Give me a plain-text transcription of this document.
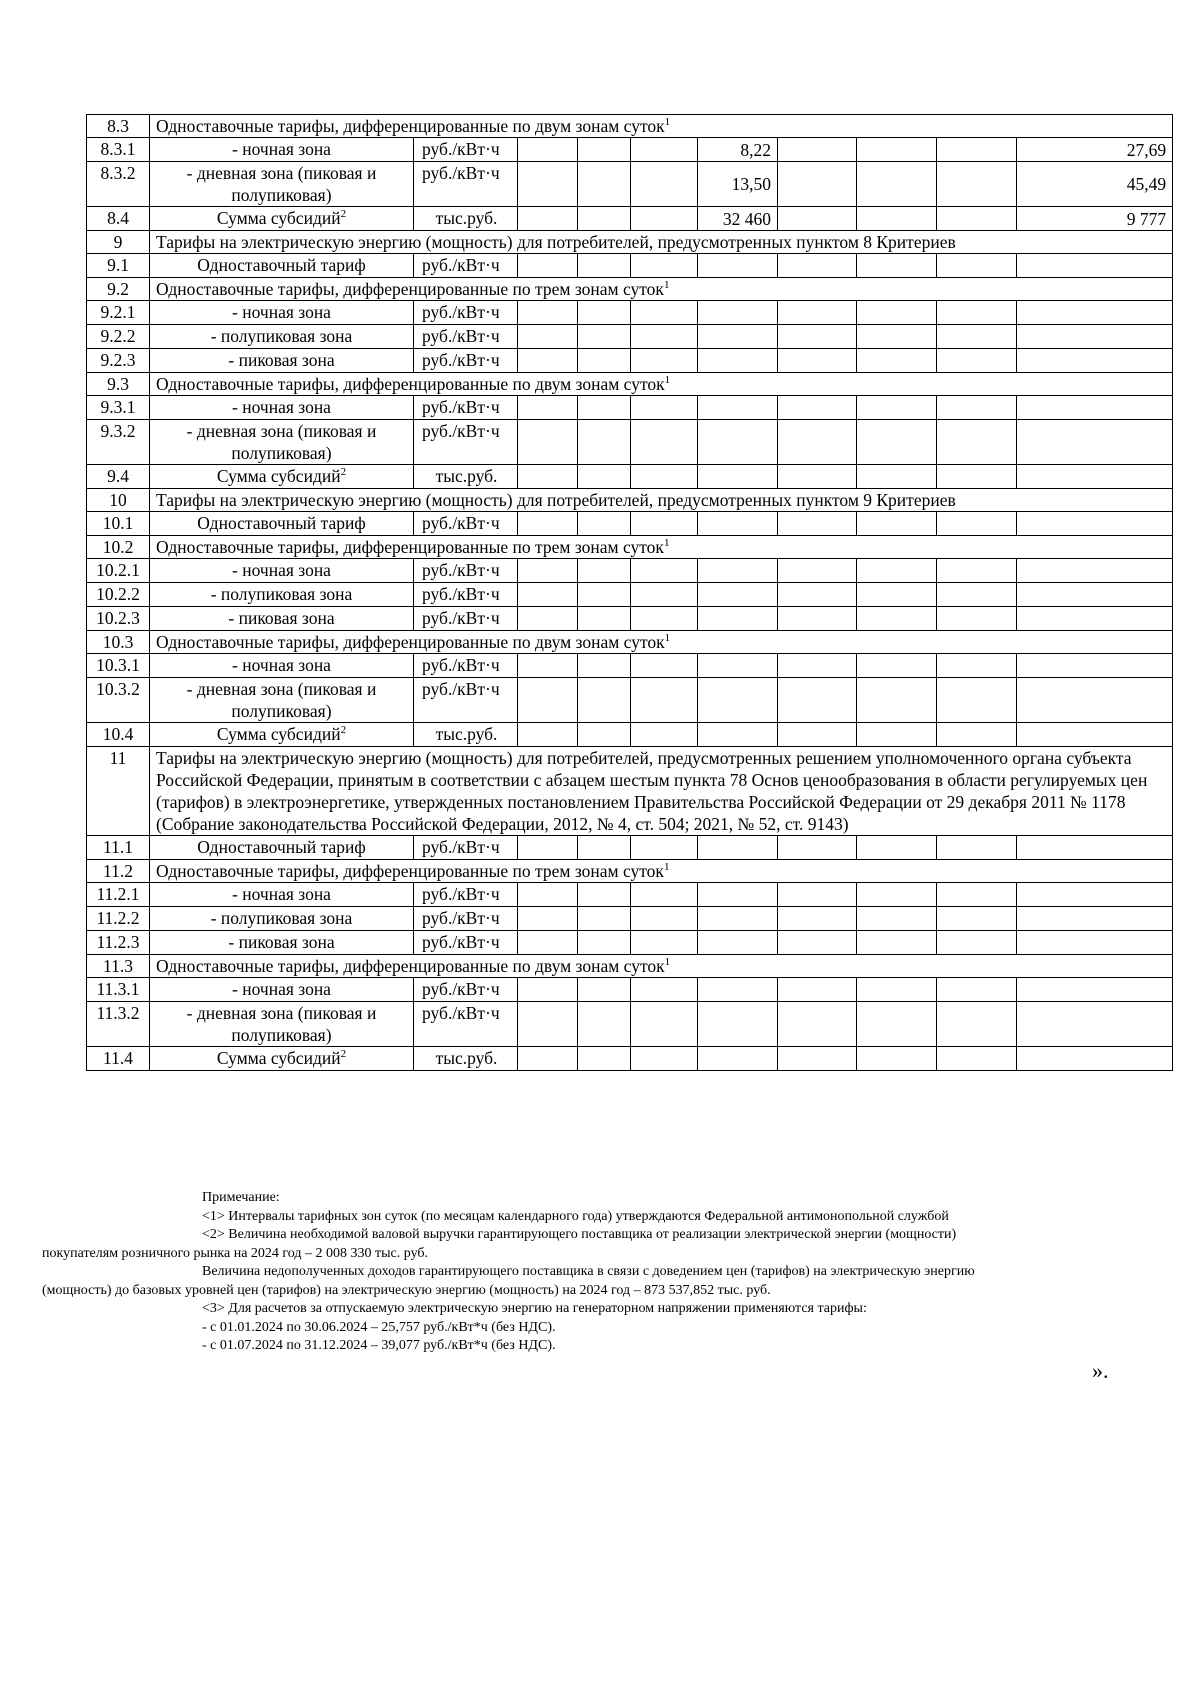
8.3	Одноставочные тарифы, дифференцированные по двум зонам суток$^1$
8.3.1	- ночная зона	руб./кВт·ч				8,22				27,69
8.3.2	- дневная зона (пиковая и полупиковая)	руб./кВт·ч				13,50				45,49
8.4	Сумма субсидий$^2$	тыс.руб.				32 460				9 777
9	Тарифы на электрическую энергию (мощность) для потребителей, предусмотренных пунктом 8 Критериев									
9.1	Одноставочный тариф	руб./кВт·ч								
9.2	Одноставочные тарифы, дифференцированные по трем зонам суток$^1$
9.2.1	- ночная зона	руб./кВт·ч								
9.2.2	- полупиковая зона	руб./кВт·ч								
9.2.3	- пиковая зона	руб./кВт·ч								
9.3	Одноставочные тарифы, дифференцированные по двум зонам суток$^1$
9.3.1	- ночная зона	руб./кВт·ч								
9.3.2	- дневная зона (пиковая и полупиковая)	руб./кВт·ч								
9.4	Сумма субсидий$^2$	тыс.руб.								
10	Тарифы на электрическую энергию (мощность) для потребителей, предусмотренных пунктом 9 Критериев									
10.1	Одноставочный тариф	руб./кВт·ч								
10.2	Одноставочные тарифы, дифференцированные по трем зонам суток$^1$
10.2.1	- ночная зона	руб./кВт·ч								
10.2.2	- полупиковая зона	руб./кВт·ч								
10.2.3	- пиковая зона	руб./кВт·ч								
10.3	Одноставочные тарифы, дифференцированные по двум зонам суток$^1$
10.3.1	- ночная зона	руб./кВт·ч								
10.3.2	- дневная зона (пиковая и полупиковая)	руб./кВт·ч								
10.4	Сумма субсидий$^2$	тыс.руб.								
11	Тарифы на электрическую энергию (мощность) для потребителей, предусмотренных решением уполномоченного органа субъекта Российской Федерации, принятым в соответствии с абзацем шестым пункта 78 Основ ценообразования в области регулируемых цен (тарифов) в электроэнергетике, утвержденных постановлением Правительства Российской Федерации от 29 декабря 2011 № 1178 (Собрание законодательства Российской Федерации, 2012, № 4, ст. 504; 2021, № 52, ст. 9143)									
11.1	Одноставочный тариф	руб./кВт·ч								
11.2	Одноставочные тарифы, дифференцированные по трем зонам суток$^1$
11.2.1	- ночная зона	руб./кВт·ч								
11.2.2	- полупиковая зона	руб./кВт·ч								
11.2.3	- пиковая зона	руб./кВт·ч								
11.3	Одноставочные тарифы, дифференцированные по двум зонам суток$^1$
11.3.1	- ночная зона	руб./кВт·ч								
11.3.2	- дневная зона (пиковая и полупиковая)	руб./кВт·ч								
11.4	Сумма субсидий$^2$	тыс.руб.								

Примечание:

<1> Интервалы тарифных зон суток (по месяцам календарного года) утверждаются Федеральной антимонопольной службой

<2> Величина необходимой валовой выручки гарантирующего поставщика от реализации электрической энергии (мощности)

покупателям розничного рынка на 2024 год – 2 008 330 тыс. руб.

Величина недополученных доходов гарантирующего поставщика в связи с доведением цен (тарифов) на электрическую энергию

(мощность) до базовых уровней цен (тарифов) на электрическую энергию (мощность) на 2024 год – 873 537,852 тыс. руб.

<3> Для расчетов за отпускаемую электрическую энергию на генераторном напряжении применяются тарифы:

- с 01.01.2024 по 30.06.2024 – 25,757 руб./кВт*ч (без НДС).

- с 01.07.2024 по 31.12.2024 – 39,077 руб./кВт*ч (без НДС).

».
